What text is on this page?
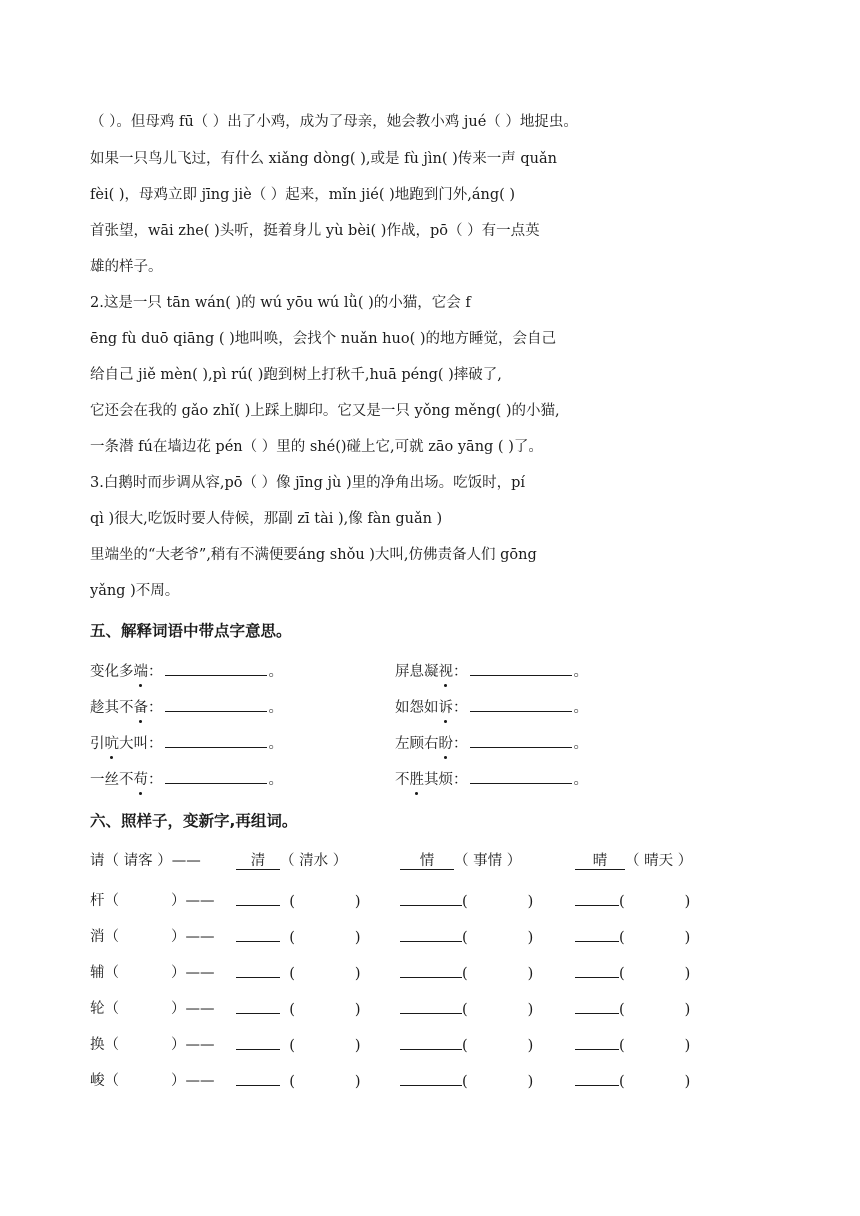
（ ）。但母鸡 fū（ ）出了小鸡，成为了母亲，她会教小鸡 jué（ ）地捉虫。
如果一只鸟儿飞过，有什么 xiǎng dòng( ),或是 fù jìn( )传来一声 quǎn
fèi( )，母鸡立即 jīng jiè（ ）起来，mǐn jié( )地跑到门外,áng( )
首张望，wāi zhe( )头听，挺着身儿 yù bèi( )作战，pō（ ）有一点英
雄的样子。
2.这是一只 tān wán( )的 wú yōu wú lǜ( )的小猫，它会 f
ēng fù duō qiāng ( )地叫唤，会找个 nuǎn huo( )的地方睡觉，会自己
给自己 jiě mèn( ),pì rú( )跑到树上打秋千,huā péng( )摔破了,
它还会在我的 gǎo zhǐ( )上踩上脚印。它又是一只 yǒng měng( )的小猫,
一条潜 fú在墙边花 pén（ ）里的 shé()碰上它,可就 zāo yāng ( )了。
3.白鹅时而步调从容,pō（ ）像 jīng jù )里的净角出场。吃饭时，pí
qì )很大,吃饭时要人侍候，那副 zī tài ),像 fàn guǎn )
里端坐的“大老爷”,稍有不满便要áng shǒu )大叫,仿佛责备人们 gōng
yǎng )不周。
五、解释词语中带点字意思。
变化多端：	。	屏息凝视：	。
趁其不备：	。	如怨如诉：	。
引吭大叫：	。	左顾右盼：	。
一丝不苟：	。	不胜其烦：	。
六、照样子，变新字,再组词。
请（ 请客 ）——	清 （ 清水 ）	情 （ 事情 ）	晴 （ 晴天 ）
杆（	）——	(	)	(	)	(	)
消（	）——	(	)	(	)	(	)
辅（	）——	(	)	(	)	(	)
轮（	）——	(	)	(	)	(	)
换（	）——	(	)	(	)	(	)
峻（	）——	(	)	(	)	(	)
